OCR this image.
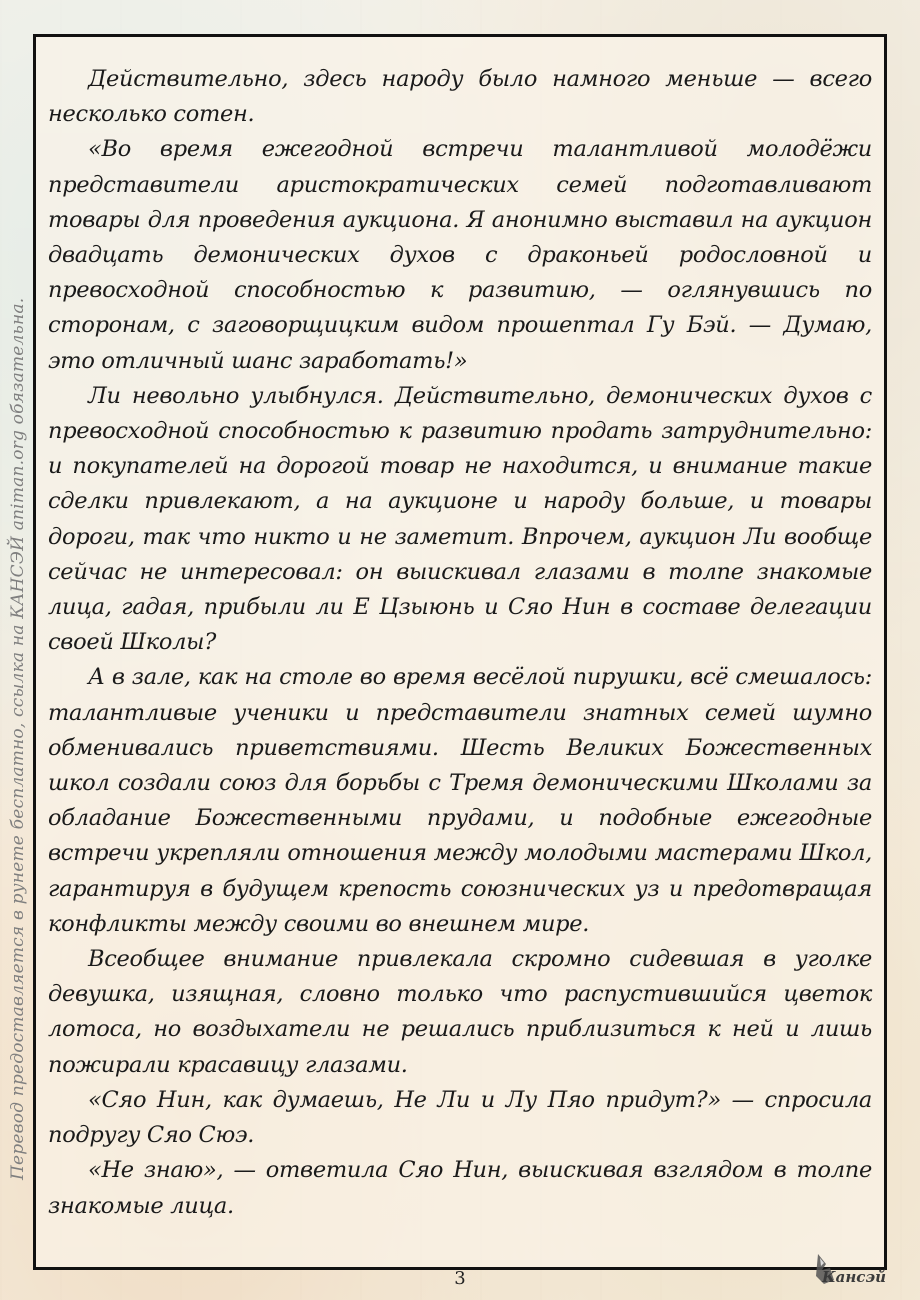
Перевод предоставляется в рунете бесплатно, ссылка на КАНСЭЙ animan.org обязательна.

Действительно, здесь народу было намного меньше — всего несколько сотен.

«Во время ежегодной встречи талантливой молодёжи представители аристократических семей подготавливают товары для проведения аукциона. Я анонимно выставил на аукцион двадцать демонических духов с драконьей родословной и превосходной способностью к развитию, — оглянувшись по сторонам, с заговорщицким видом прошептал Гу Бэй. — Думаю, это отличный шанс заработать!»

Ли невольно улыбнулся. Действительно, демонических духов с превосходной способностью к развитию продать затруднительно: и покупателей на дорогой товар не находится, и внимание такие сделки привлекают, а на аукционе и народу больше, и товары дороги, так что никто и не заметит. Впрочем, аукцион Ли вообще сейчас не интересовал: он выискивал глазами в толпе знакомые лица, гадая, прибыли ли Е Цзыюнь и Сяо Нин в составе делегации своей Школы?

А в зале, как на столе во время весёлой пирушки, всё смешалось: талантливые ученики и представители знатных семей шумно обменивались приветствиями. Шесть Великих Божественных школ создали союз для борьбы с Тремя демоническими Школами за обладание Божественными прудами, и подобные ежегодные встречи укрепляли отношения между молодыми мастерами Школ, гарантируя в будущем крепость союзнических уз и предотвращая конфликты между своими во внешнем мире.

Всеобщее внимание привлекала скромно сидевшая в уголке девушка, изящная, словно только что распустившийся цветок лотоса, но воздыхатели не решались приблизиться к ней и лишь пожирали красавицу глазами.

«Сяо Нин, как думаешь, Не Ли и Лу Пяо придут?» — спросила подругу Сяо Сюэ.

«Не знаю», — ответила Сяо Нин, выискивая взглядом в толпе знакомые лица.

3	Кансэй
